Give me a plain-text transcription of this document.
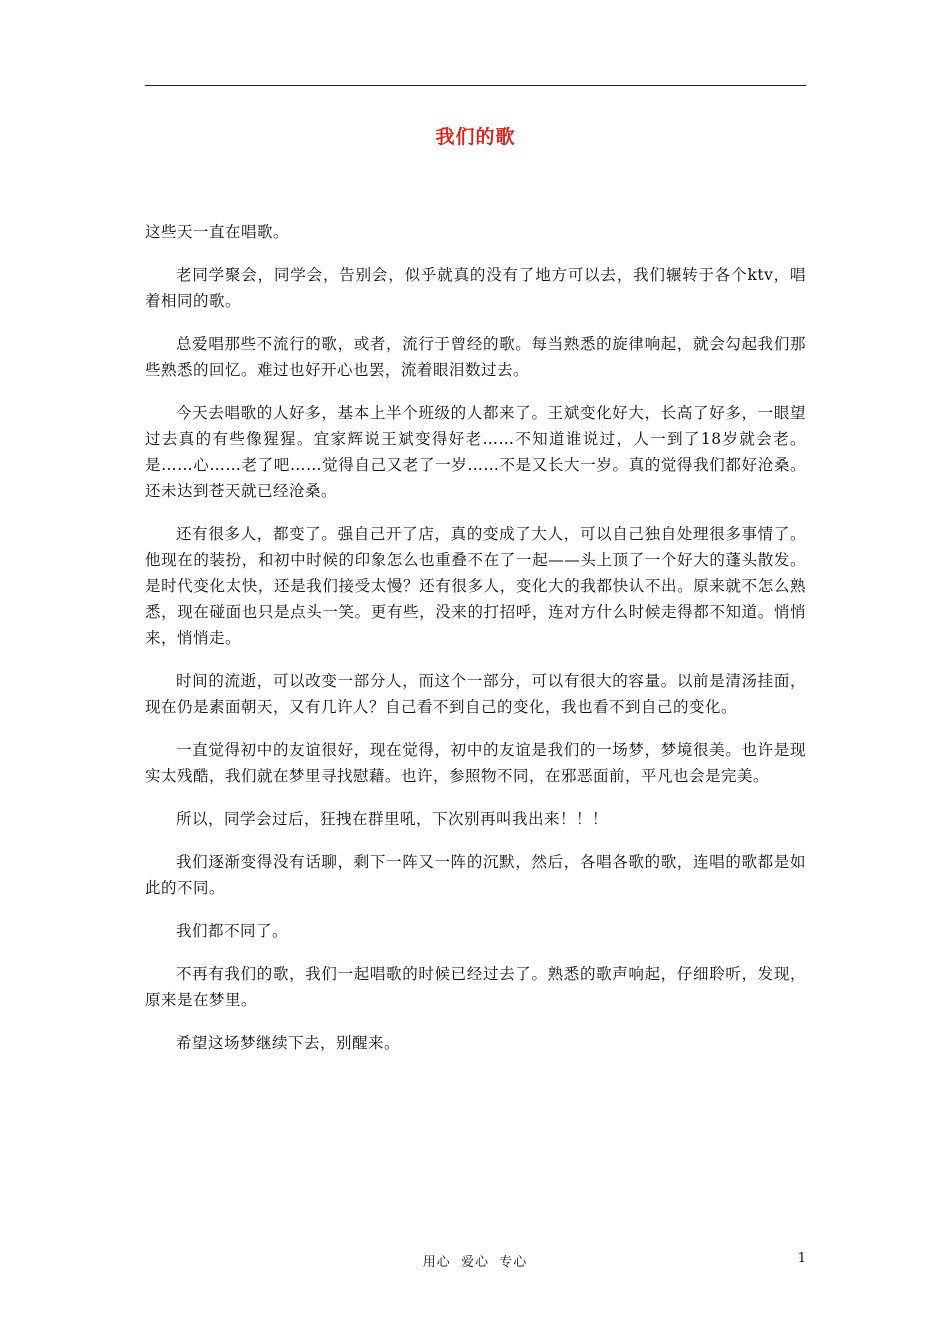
我们的歌

这些天一直在唱歌。

老同学聚会，同学会，告别会，似乎就真的没有了地方可以去，我们辗转于各个ktv，唱着相同的歌。

总爱唱那些不流行的歌，或者，流行于曾经的歌。每当熟悉的旋律响起，就会勾起我们那些熟悉的回忆。难过也好开心也罢，流着眼泪数过去。

今天去唱歌的人好多，基本上半个班级的人都来了。王斌变化好大，长高了好多，一眼望过去真的有些像猩猩。宜家辉说王斌变得好老……不知道谁说过，人一到了18岁就会老。是……心……老了吧……觉得自己又老了一岁……不是又长大一岁。真的觉得我们都好沧桑。还未达到苍天就已经沧桑。

还有很多人，都变了。强自己开了店，真的变成了大人，可以自己独自处理很多事情了。他现在的装扮，和初中时候的印象怎么也重叠不在了一起——头上顶了一个好大的蓬头散发。是时代变化太快，还是我们接受太慢？还有很多人，变化大的我都快认不出。原来就不怎么熟悉，现在碰面也只是点头一笑。更有些，没来的打招呼，连对方什么时候走得都不知道。悄悄来，悄悄走。

时间的流逝，可以改变一部分人，而这个一部分，可以有很大的容量。以前是清汤挂面，现在仍是素面朝天，又有几许人？自己看不到自己的变化，我也看不到自己的变化。

一直觉得初中的友谊很好，现在觉得，初中的友谊是我们的一场梦，梦境很美。也许是现实太残酷，我们就在梦里寻找慰藉。也许，参照物不同，在邪恶面前，平凡也会是完美。

所以，同学会过后，狂拽在群里吼，下次别再叫我出来！！！

我们逐渐变得没有话聊，剩下一阵又一阵的沉默，然后，各唱各歌的歌，连唱的歌都是如此的不同。

我们都不同了。

不再有我们的歌，我们一起唱歌的时候已经过去了。熟悉的歌声响起，仔细聆听，发现，原来是在梦里。

希望这场梦继续下去，别醒来。

用心  爱心  专心	1
